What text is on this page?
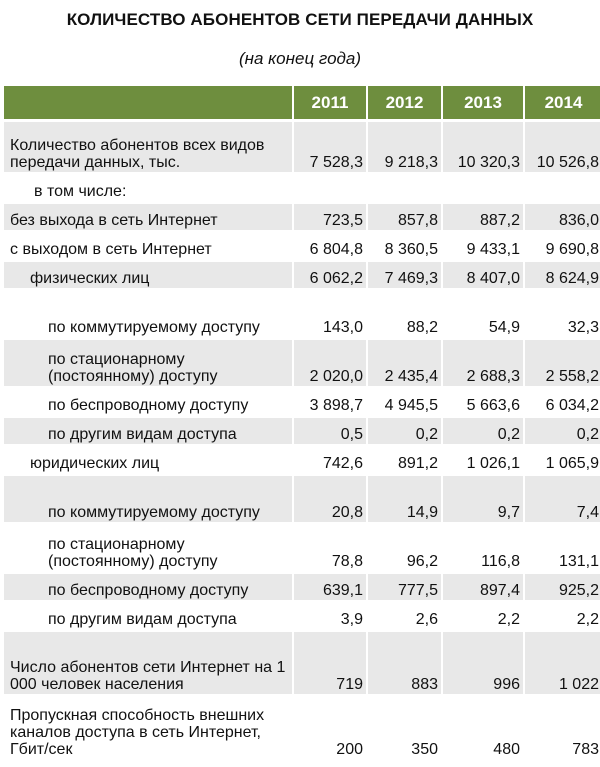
КОЛИЧЕСТВО АБОНЕНТОВ СЕТИ ПЕРЕДАЧИ ДАННЫХ
(на конец года)
	2011	2012	2013	2014
Количество абонентов всех видов передачи данных, тыс.	7 528,3	9 218,3	10 320,3	10 526,8
в том числе:				
без выхода в сеть Интернет	723,5	857,8	887,2	836,0
с выходом в сеть Интернет	6 804,8	8 360,5	9 433,1	9 690,8
физических лиц	6 062,2	7 469,3	8 407,0	8 624,9
по коммутируемому доступу	143,0	88,2	54,9	32,3
по стационарному (постоянному) доступу	2 020,0	2 435,4	2 688,3	2 558,2
по беспроводному доступу	3 898,7	4 945,5	5 663,6	6 034,2
по другим видам доступа	0,5	0,2	0,2	0,2
юридических лиц	742,6	891,2	1 026,1	1 065,9
по коммутируемому доступу	20,8	14,9	9,7	7,4
по стационарному (постоянному) доступу	78,8	96,2	116,8	131,1
по беспроводному доступу	639,1	777,5	897,4	925,2
по другим видам доступа	3,9	2,6	2,2	2,2
Число абонентов сети Интернет на 1 000 человек населения	719	883	996	1 022
Пропускная способность внешних каналов доступа в сеть Интернет, Гбит/сек	200	350	480	783
